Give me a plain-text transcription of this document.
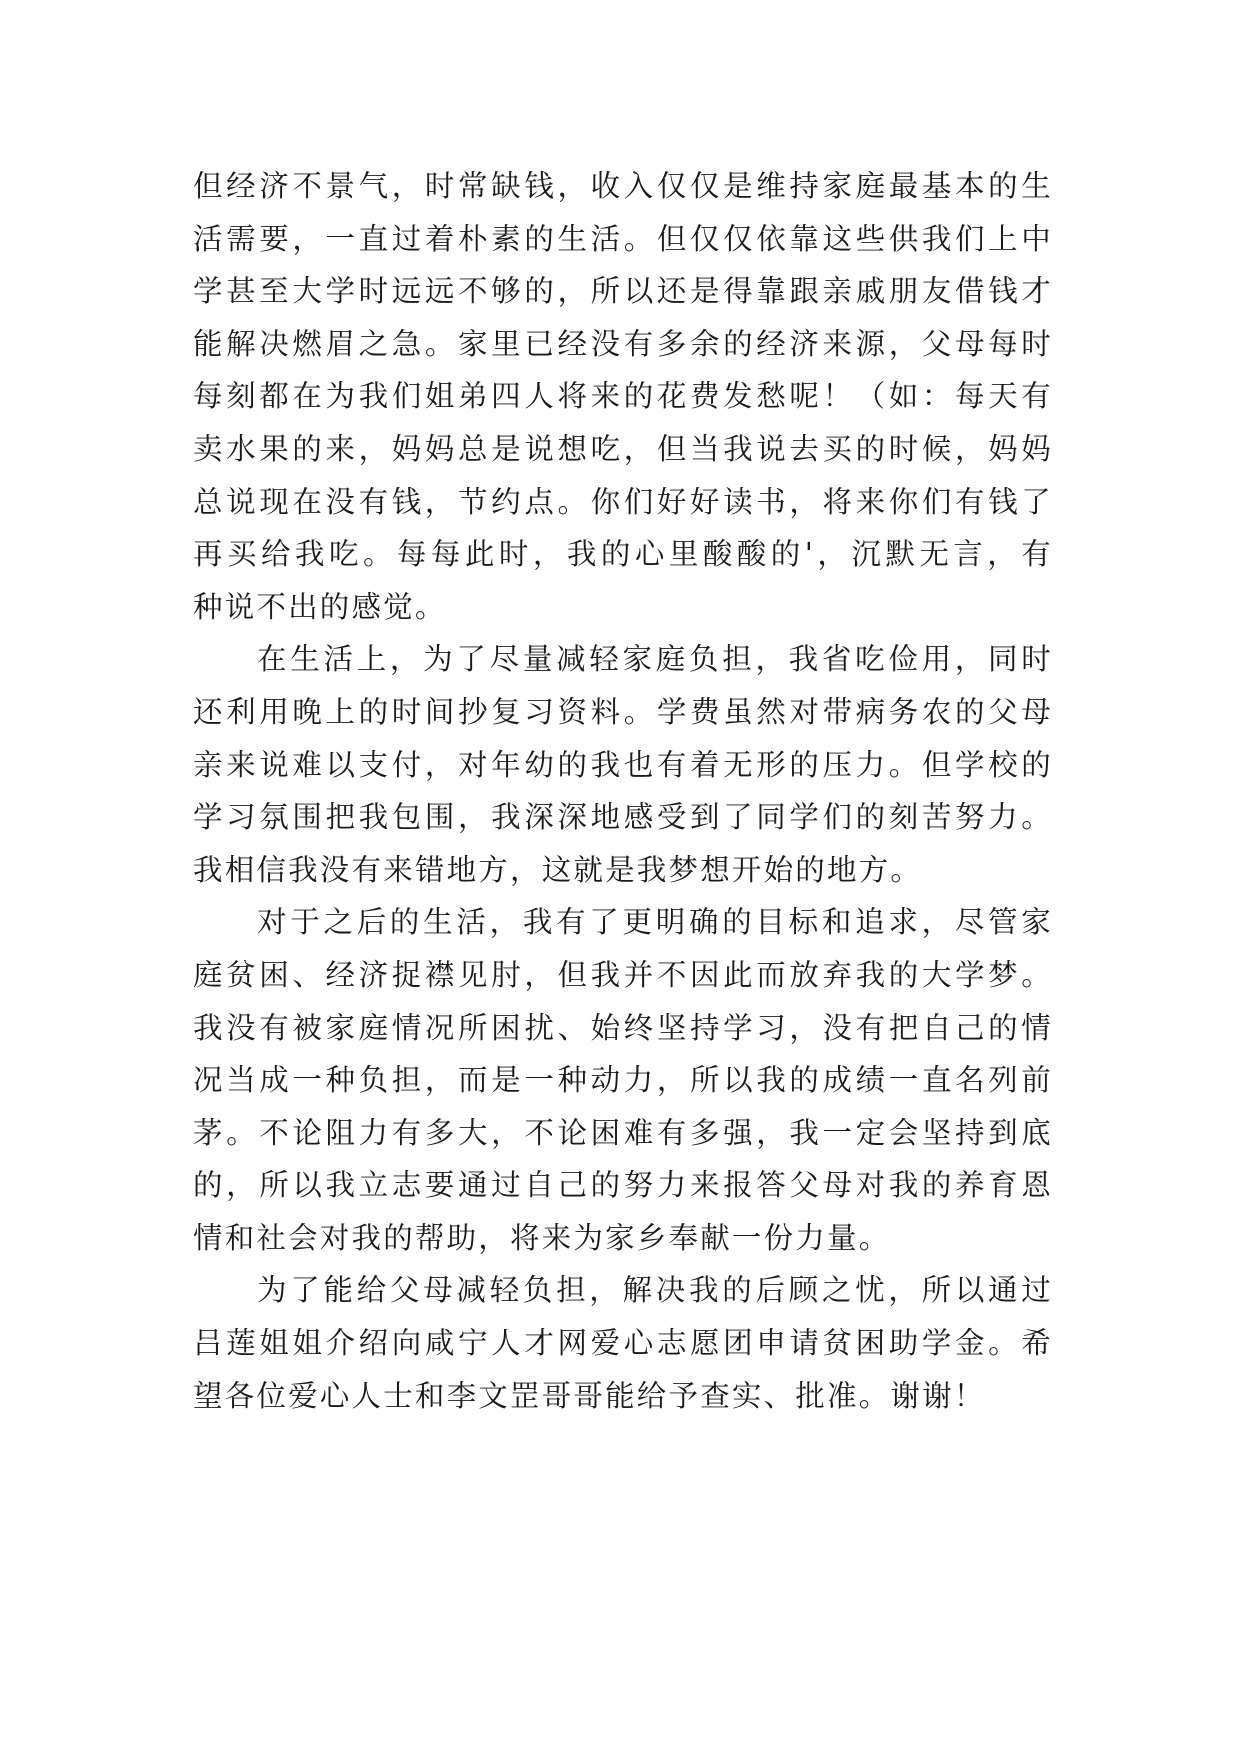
但经济不景气，时常缺钱，收入仅仅是维持家庭最基本的生
活需要，一直过着朴素的生活。但仅仅依靠这些供我们上中
学甚至大学时远远不够的，所以还是得靠跟亲戚朋友借钱才
能解决燃眉之急。家里已经没有多余的经济来源，父母每时
每刻都在为我们姐弟四人将来的花费发愁呢！（如：每天有
卖水果的来，妈妈总是说想吃，但当我说去买的时候，妈妈
总说现在没有钱，节约点。你们好好读书，将来你们有钱了
再买给我吃。每每此时，我的心里酸酸的'，沉默无言，有
种说不出的感觉。
在生活上，为了尽量减轻家庭负担，我省吃俭用，同时
还利用晚上的时间抄复习资料。学费虽然对带病务农的父母
亲来说难以支付，对年幼的我也有着无形的压力。但学校的
学习氛围把我包围，我深深地感受到了同学们的刻苦努力。
我相信我没有来错地方，这就是我梦想开始的地方。
对于之后的生活，我有了更明确的目标和追求，尽管家
庭贫困、经济捉襟见肘，但我并不因此而放弃我的大学梦。
我没有被家庭情况所困扰、始终坚持学习，没有把自己的情
况当成一种负担，而是一种动力，所以我的成绩一直名列前
茅。不论阻力有多大，不论困难有多强，我一定会坚持到底
的，所以我立志要通过自己的努力来报答父母对我的养育恩
情和社会对我的帮助，将来为家乡奉献一份力量。
为了能给父母减轻负担，解决我的后顾之忧，所以通过
吕莲姐姐介绍向咸宁人才网爱心志愿团申请贫困助学金。希
望各位爱心人士和李文罡哥哥能给予查实、批准。谢谢！
